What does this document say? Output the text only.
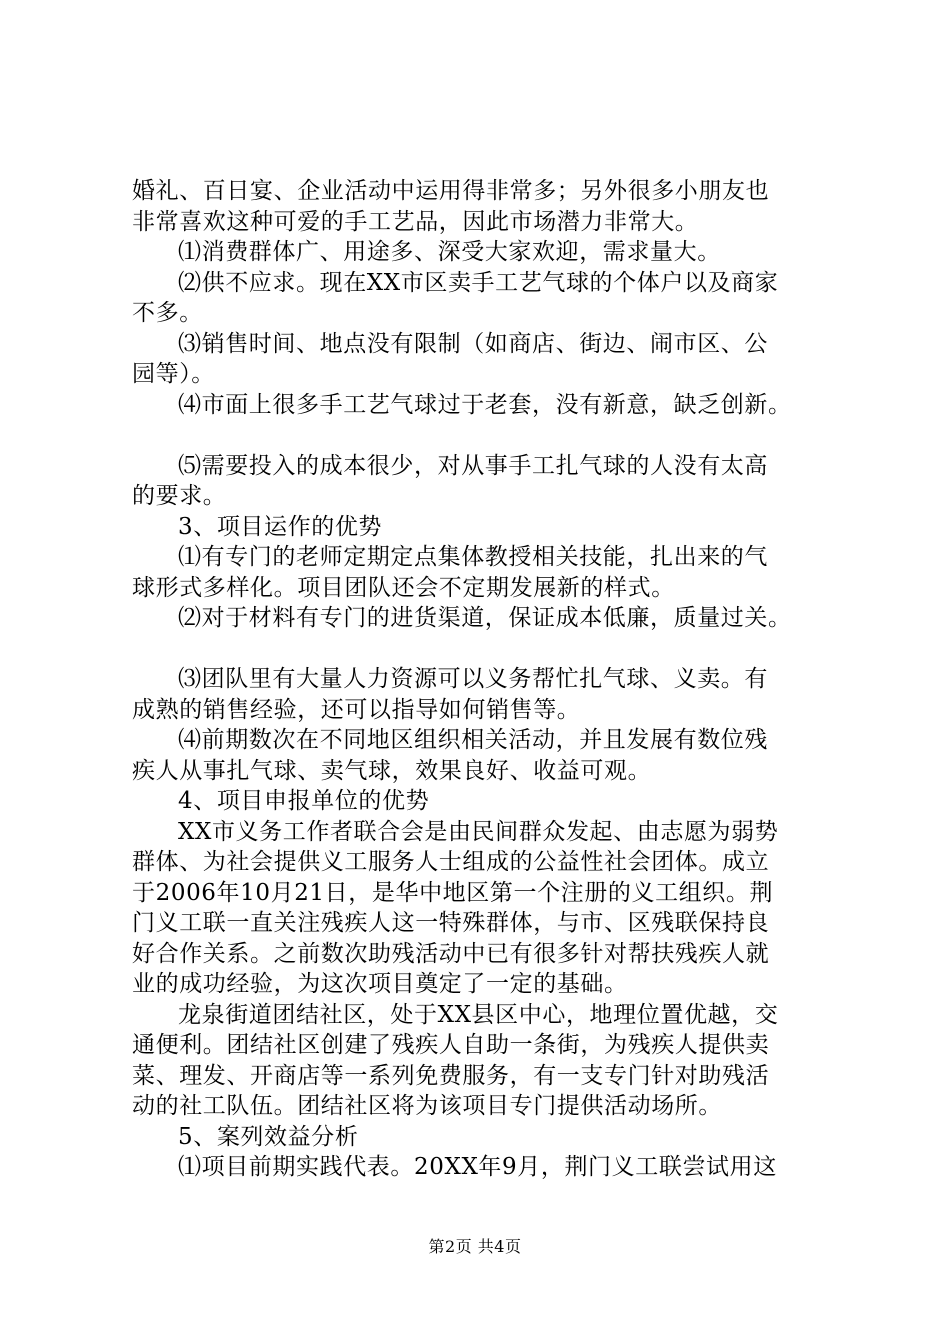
婚礼、百日宴、企业活动中运用得非常多；另外很多小朋友也
非常喜欢这种可爱的手工艺品，因此市场潜力非常大。
⑴消费群体广、用途多、深受大家欢迎，需求量大。
⑵供不应求。现在XX市区卖手工艺气球的个体户以及商家
不多。
⑶销售时间、地点没有限制（如商店、街边、闹市区、公
园等）。
⑷市面上很多手工艺气球过于老套，没有新意，缺乏创新。
⑸需要投入的成本很少，对从事手工扎气球的人没有太高
的要求。
3、项目运作的优势
⑴有专门的老师定期定点集体教授相关技能，扎出来的气
球形式多样化。项目团队还会不定期发展新的样式。
⑵对于材料有专门的进货渠道，保证成本低廉，质量过关。
⑶团队里有大量人力资源可以义务帮忙扎气球、义卖。有
成熟的销售经验，还可以指导如何销售等。
⑷前期数次在不同地区组织相关活动，并且发展有数位残
疾人从事扎气球、卖气球，效果良好、收益可观。
4、项目申报单位的优势
XX市义务工作者联合会是由民间群众发起、由志愿为弱势
群体、为社会提供义工服务人士组成的公益性社会团体。成立
于2006年10月21日，是华中地区第一个注册的义工组织。荆
门义工联一直关注残疾人这一特殊群体，与市、区残联保持良
好合作关系。之前数次助残活动中已有很多针对帮扶残疾人就
业的成功经验，为这次项目奠定了一定的基础。
龙泉街道团结社区，处于XX县区中心，地理位置优越，交
通便利。团结社区创建了残疾人自助一条街，为残疾人提供卖
菜、理发、开商店等一系列免费服务，有一支专门针对助残活
动的社工队伍。团结社区将为该项目专门提供活动场所。
5、案列效益分析
⑴项目前期实践代表。20XX年9月，荆门义工联尝试用这
第2页 共4页
